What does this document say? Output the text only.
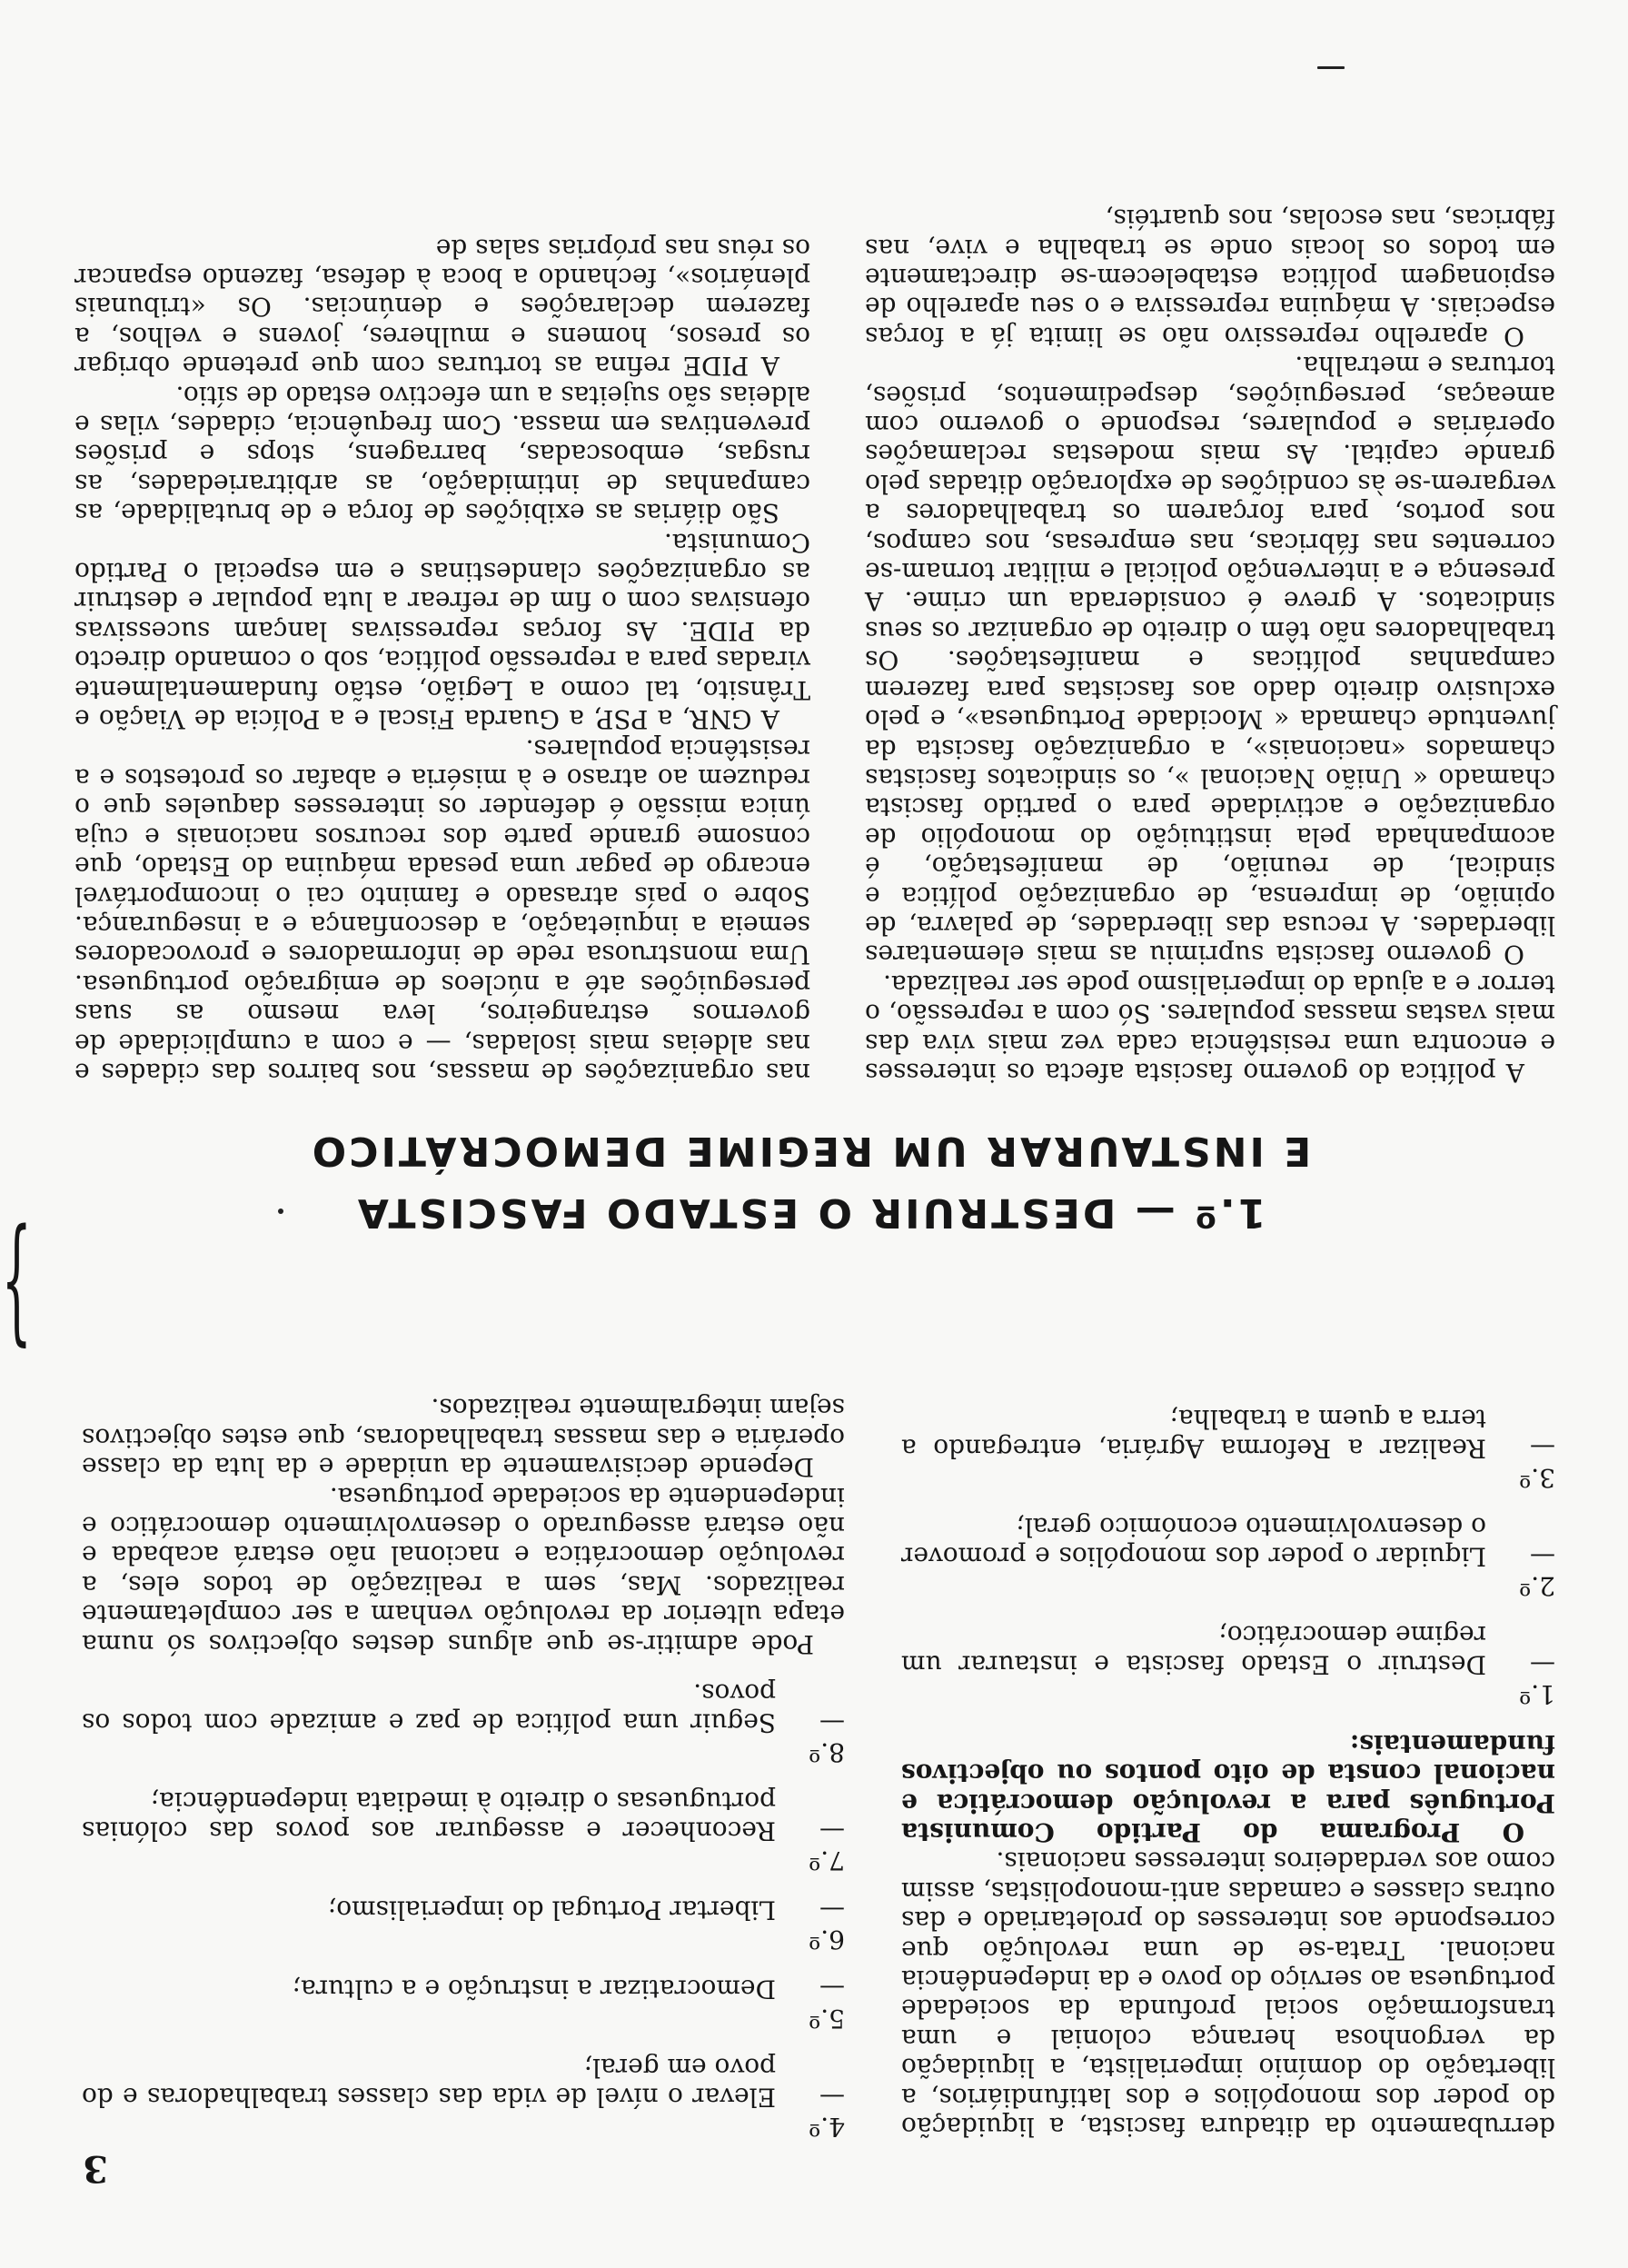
3

derrubamento da ditadura fascista, a liquidação do poder dos monopólios e dos latifundiários, a libertação do domínio imperialista, a liquidação da vergonhosa herança colonial e uma transformação social profunda da sociedade portuguesa ao serviço do povo e da independência nacional. Trata-se de uma revolução que corresponde aos interesses do proletariado e das outras classes e camadas anti-monopolistas, assim como aos verdadeiros interesses nacionais.

O Programa do Partido Comunista Português para a revolução democrática e nacional consta de oito pontos ou objectivos fundamentais:

1.º —Destruir o Estado fascista e instaurar um regime democrático;
2.º —Liquidar o poder dos monopólios e promover o desenvolvimento económico geral;
3.º —Realizar a Reforma Agrária, entregando a terra a quem a trabalha;
4.º —Elevar o nível de vida das classes trabalhadoras e do povo em geral;
5.º —Democratizar a instrução e a cultura;
6.º —Libertar Portugal do imperialismo;
7.º —Reconhecer e assegurar aos povos das colónias portuguesas o direito à imediata independência;
8.º —Seguir uma política de paz e amizade com todos os povos.

Pode admitir-se que alguns destes objectivos só numa etapa ulterior da revolução venham a ser completamente realizados. Mas, sem a realização de todos eles, a revolução democrática e nacional não estará acabada e não estará assegurado o desenvolvimento democrático e independente da sociedade portuguesa.

Depende decisivamente da unidade e da luta da classe operária e das massas trabalhadoras, que estes objectivos sejam integralmente realizados.

}	1.º — DESTRUIR O ESTADO FASCISTA
E INSTAURAR UM REGIME DEMOCRÁTICO

A política do governo fascista afecta os interesses e encontra uma resistência cada vez mais viva das mais vastas massas populares. Só com a repressão, o terror e a ajuda do imperialismo pode ser realizada.

O governo fascista suprimiu as mais elementares liberdades. A recusa das liberdades, de palavra, de opinião, de imprensa, de organização política e sindical, de reunião, de manifestação, é acompanhada pela instituição do monopólio de organização e actividade para o partido fascista chamado « União Nacional », os sindicatos fascistas chamados «nacionais», a organização fascista da juventude chamada « Mocidade Portuguesa», e pelo exclusivo direito dado aos fascistas para fazerem campanhas políticas e manifestações. Os trabalhadores não têm o direito de organizar os seus sindicatos. A greve é considerada um crime. A presença e a intervenção policial e militar tornam-se correntes nas fábricas, nas empresas, nos campos, nos portos, para forçarem os trabalhadores a vergarem-se às condições de exploração ditadas pelo grande capital. As mais modestas reclamações operárias e populares, responde o governo com ameaças, perseguições, despedimentos, prisões, torturas e metralha.

O aparelho repressivo não se limita já a forças especiais. A máquina repressiva e o seu aparelho de espionagem política estabelecem-se directamente em todos os locais onde se trabalha e vive, nas fábricas, nas escolas, nos quartéis,

nas organizações de massas, nos bairros das cidades e nas aldeias mais isoladas, — e com a cumplicidade de governos estrangeiros, leva mesmo as suas perseguições até a núcleos de emigração portuguesa. Uma monstruosa rede de informadores e provocadores semeia a inquietação, a desconfiança e a insegurança. Sobre o país atrasado e faminto cai o incomportável encargo de pagar uma pesada máquina do Estado, que consome grande parte dos recursos nacionais e cuja única missão é defender os interesses daqueles que o reduzem ao atraso e à miséria e abafar os protestos e a resistência populares.

A GNR, a PSP, a Guarda Fiscal e a Polícia de Viação e Trânsito, tal como a Legião, estão fundamentalmente viradas para a repressão política, sob o comando directo da PIDE. As forças repressivas lançam sucessivas ofensivas com o fim de refrear a luta popular e destruir as organizações clandestinas e em especial o Partido Comunista.

São diárias as exibições de força e de brutalidade, as campanhas de intimidação, as arbitrariedades, as rusgas, emboscadas, barragens, stops e prisões preventivas em massa. Com frequência, cidades, vilas e aldeias são sujeitas a um efectivo estado de sítio.

A PIDE refina as torturas com que pretende obrigar os presos, homens e mulheres, jovens e velhos, a fazerem declarações e denúncias. Os «tribunais plenários», fechando a boca à defesa, fazendo espancar os réus nas próprias salas de
